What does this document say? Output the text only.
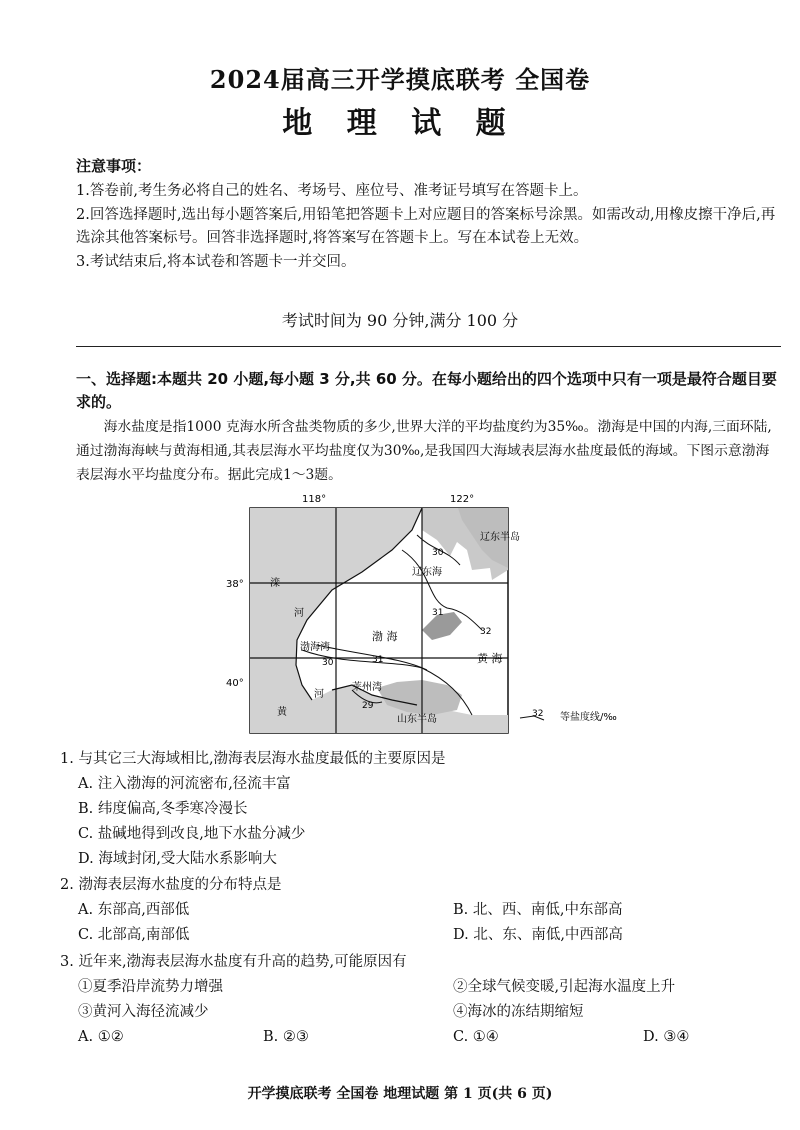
2024届高三开学摸底联考 全国卷
地 理 试 题
注意事项：
1.答卷前,考生务必将自己的姓名、考场号、座位号、准考证号填写在答题卡上。
2.回答选择题时,选出每小题答案后,用铅笔把答题卡上对应题目的答案标号涂黑。如需改动,用橡皮擦干净后,再选涂其他答案标号。回答非选择题时,将答案写在答题卡上。写在本试卷上无效。
3.考试结束后,将本试卷和答题卡一并交回。
考试时间为 90 分钟,满分 100 分
一、选择题:本题共 20 小题,每小题 3 分,共 60 分。在每小题给出的四个选项中只有一项是最符合题目要求的。
海水盐度是指1000 克海水所含盐类物质的多少,世界大洋的平均盐度约为35‰。渤海是中国的内海,三面环陆,通过渤海海峡与黄海相通,其表层海水平均盐度仅为30‰,是我国四大海域表层海水盐度最低的海域。下图示意渤海表层海水平均盐度分布。据此完成1～3题。
118°	122°
38°
40°
辽东半岛
辽东海
滦
河
渤海湾
渤 海
黄 海
莱州湾
山东半岛
黄
河
30
31
32
30	31
29
32 等盐度线/‰
1. 与其它三大海域相比,渤海表层海水盐度最低的主要原因是
A. 注入渤海的河流密布,径流丰富
B. 纬度偏高,冬季寒冷漫长
C. 盐碱地得到改良,地下水盐分减少
D. 海域封闭,受大陆水系影响大
2. 渤海表层海水盐度的分布特点是
A. 东部高,西部低	B. 北、西、南低,中东部高
C. 北部高,南部低	D. 北、东、南低,中西部高
3. 近年来,渤海表层海水盐度有升高的趋势,可能原因有
①夏季沿岸流势力增强	②全球气候变暖,引起海水温度上升
③黄河入海径流减少	④海冰的冻结期缩短
A. ①②	B. ②③	C. ①④	D. ③④
开学摸底联考 全国卷 地理试题 第 1 页(共 6 页)
